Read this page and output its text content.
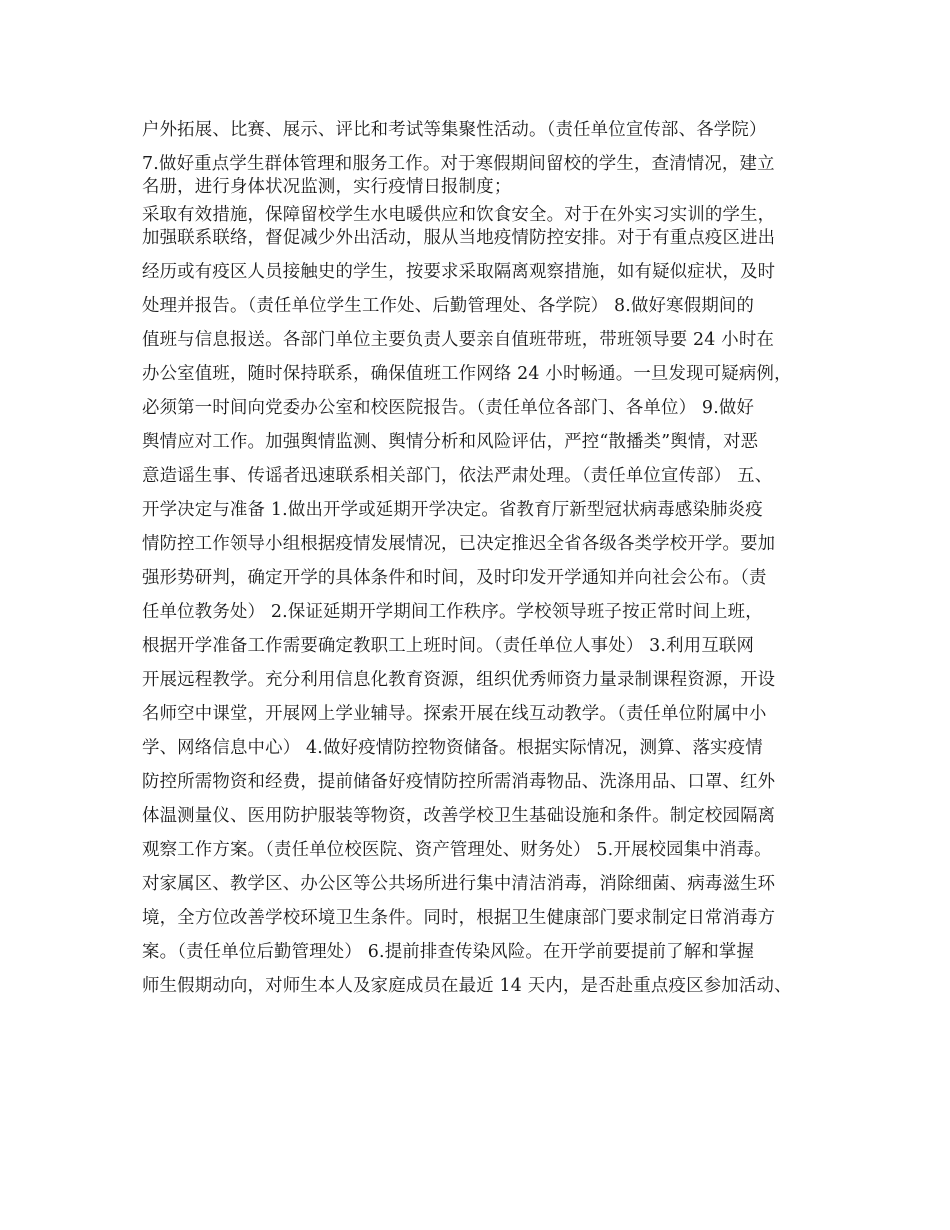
户外拓展、比赛、展示、评比和考试等集聚性活动。（责任单位宣传部、各学院）
7.做好重点学生群体管理和服务工作。对于寒假期间留校的学生，查清情况，建立
名册，进行身体状况监测，实行疫情日报制度；
采取有效措施，保障留校学生水电暖供应和饮食安全。对于在外实习实训的学生，
加强联系联络，督促减少外出活动，服从当地疫情防控安排。对于有重点疫区进出
经历或有疫区人员接触史的学生，按要求采取隔离观察措施，如有疑似症状，及时
处理并报告。（责任单位学生工作处、后勤管理处、各学院） 8.做好寒假期间的
值班与信息报送。各部门单位主要负责人要亲自值班带班，带班领导要 24 小时在
办公室值班，随时保持联系，确保值班工作网络 24 小时畅通。一旦发现可疑病例，
必须第一时间向党委办公室和校医院报告。（责任单位各部门、各单位） 9.做好
舆情应对工作。加强舆情监测、舆情分析和风险评估，严控“散播类”舆情，对恶
意造谣生事、传谣者迅速联系相关部门，依法严肃处理。（责任单位宣传部） 五、
开学决定与准备 1.做出开学或延期开学决定。省教育厅新型冠状病毒感染肺炎疫
情防控工作领导小组根据疫情发展情况，已决定推迟全省各级各类学校开学。要加
强形势研判，确定开学的具体条件和时间，及时印发开学通知并向社会公布。（责
任单位教务处） 2.保证延期开学期间工作秩序。学校领导班子按正常时间上班，
根据开学准备工作需要确定教职工上班时间。（责任单位人事处） 3.利用互联网
开展远程教学。充分利用信息化教育资源，组织优秀师资力量录制课程资源，开设
名师空中课堂，开展网上学业辅导。探索开展在线互动教学。（责任单位附属中小
学、网络信息中心） 4.做好疫情防控物资储备。根据实际情况，测算、落实疫情
防控所需物资和经费，提前储备好疫情防控所需消毒物品、洗涤用品、口罩、红外
体温测量仪、医用防护服装等物资，改善学校卫生基础设施和条件。制定校园隔离
观察工作方案。（责任单位校医院、资产管理处、财务处） 5.开展校园集中消毒。
对家属区、教学区、办公区等公共场所进行集中清洁消毒，消除细菌、病毒滋生环
境，全方位改善学校环境卫生条件。同时，根据卫生健康部门要求制定日常消毒方
案。（责任单位后勤管理处） 6.提前排查传染风险。在开学前要提前了解和掌握
师生假期动向，对师生本人及家庭成员在最近 14 天内，是否赴重点疫区参加活动、
